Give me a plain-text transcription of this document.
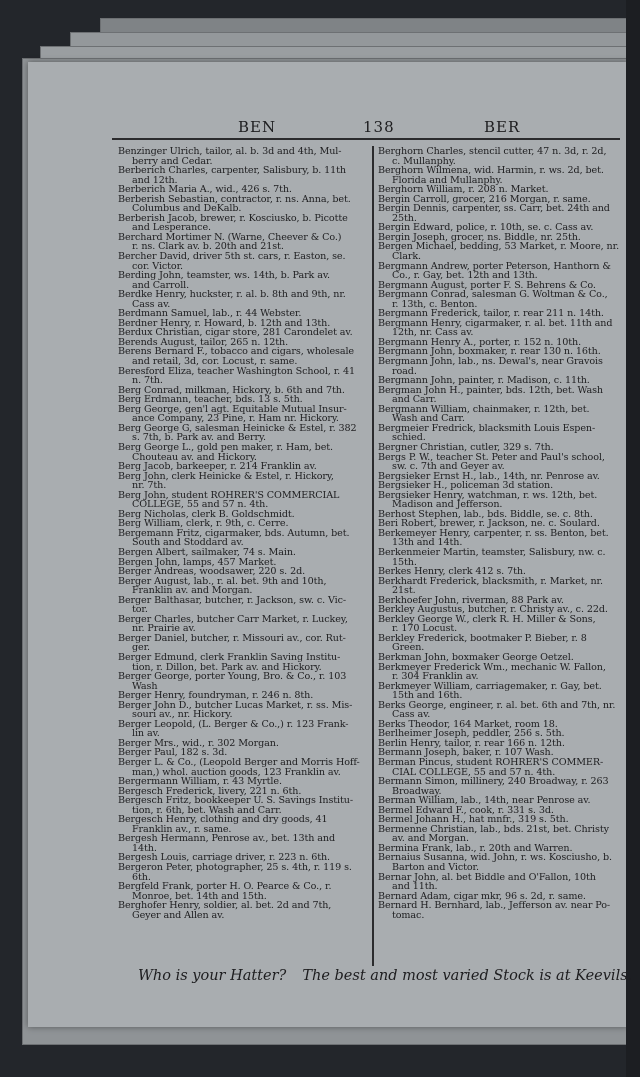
BEN	138	BER
Benzinger Ulrich, tailor, al. b. 3d and 4th, Mul-
berry and Cedar.
Berberich Charles, carpenter, Salisbury, b. 11th
and 12th.
Berberich Maria A., wid., 426 s. 7th.
Berberish Sebastian, contractor, r. ns. Anna, bet.
Columbus and DeKalb.
Berberish Jacob, brewer, r. Kosciusko, b. Picotte
and Lesperance.
Berchard Mortimer N. (Warne, Cheever & Co.)
r. ns. Clark av. b. 20th and 21st.
Bercher David, driver 5th st. cars, r. Easton, se.
cor. Victor.
Berding John, teamster, ws. 14th, b. Park av.
and Carroll.
Berdke Henry, huckster, r. al. b. 8th and 9th, nr.
Cass av.
Berdmann Samuel, lab., r. 44 Webster.
Berdner Henry, r. Howard, b. 12th and 13th.
Berdux Christian, cigar store, 281 Carondelet av.
Berends August, tailor, 265 n. 12th.
Berens Bernard F., tobacco and cigars, wholesale
and retail, 3d, cor. Locust, r. same.
Beresford Eliza, teacher Washington School, r. 41
n. 7th.
Berg Conrad, milkman, Hickory, b. 6th and 7th.
Berg Erdmann, teacher, bds. 13 s. 5th.
Berg George, gen'l agt. Equitable Mutual Insur-
ance Company, 23 Pine, r. Ham nr. Hickory.
Berg George G, salesman Heinicke & Estel, r. 382
s. 7th, b. Park av. and Berry.
Berg George L., gold pen maker, r. Ham, bet.
Chouteau av. and Hickory.
Berg Jacob, barkeeper, r. 214 Franklin av.
Berg John, clerk Heinicke & Estel, r. Hickory,
nr. 7th.
Berg John, student ROHRER'S COMMERCIAL
COLLEGE, 55 and 57 n. 4th.
Berg Nicholas, clerk B. Goldschmidt.
Berg William, clerk, r. 9th, c. Cerre.
Bergemann Fritz, cigarmaker, bds. Autumn, bet.
South and Stoddard av.
Bergen Albert, sailmaker, 74 s. Main.
Bergen John, lamps, 457 Market.
Berger Andreas, woodsawer, 220 s. 2d.
Berger August, lab., r. al. bet. 9th and 10th,
Franklin av. and Morgan.
Berger Balthasar, butcher, r. Jackson, sw. c. Vic-
tor.
Berger Charles, butcher Carr Market, r. Luckey,
nr. Prairie av.
Berger Daniel, butcher, r. Missouri av., cor. Rut-
ger.
Berger Edmund, clerk Franklin Saving Institu-
tion, r. Dillon, bet. Park av. and Hickory.
Berger George, porter Young, Bro. & Co., r. 103
Wash
Berger Henry, foundryman, r. 246 n. 8th.
Berger John D., butcher Lucas Market, r. ss. Mis-
souri av., nr. Hickory.
Berger Leopold, (L. Berger & Co.,) r. 123 Frank-
lin av.
Berger Mrs., wid., r. 302 Morgan.
Berger Paul, 182 s. 3d.
Berger L. & Co., (Leopold Berger and Morris Hoff-
man,) whol. auction goods, 123 Franklin av.
Bergermann William, r. 43 Myrtle.
Bergesch Frederick, livery, 221 n. 6th.
Bergesch Fritz, bookkeeper U. S. Savings Institu-
tion, r. 6th, bet. Wash and Carr.
Bergesch Henry, clothing and dry goods, 41
Franklin av., r. same.
Bergesh Hermann, Penrose av., bet. 13th and
14th.
Bergesh Louis, carriage driver, r. 223 n. 6th.
Bergeron Peter, photographer, 25 s. 4th, r. 119 s.
6th.
Bergfeld Frank, porter H. O. Pearce & Co., r.
Monroe, bet. 14th and 15th.
Berghofer Henry, soldier, al. bet. 2d and 7th,
Geyer and Allen av.
Berghorn Charles, stencil cutter, 47 n. 3d, r. 2d,
c. Mullanphy.
Berghorn Wilmena, wid. Harmin, r. ws. 2d, bet.
Florida and Mullanphy.
Berghorn William, r. 208 n. Market.
Bergin Carroll, grocer, 216 Morgan, r. same.
Bergin Dennis, carpenter, ss. Carr, bet. 24th and
25th.
Bergin Edward, police, r. 10th, se. c. Cass av.
Bergin Joseph, grocer, ns. Biddle, nr. 25th.
Bergen Michael, bedding, 53 Market, r. Moore, nr.
Clark.
Bergmann Andrew, porter Peterson, Hanthorn &
Co., r. Gay, bet. 12th and 13th.
Bergmann August, porter F. S. Behrens & Co.
Bergmann Conrad, salesman G. Woltman & Co.,
r. 13th, c. Benton.
Bergmann Frederick, tailor, r. rear 211 n. 14th.
Bergmann Henry, cigarmaker, r. al. bet. 11th and
12th, nr. Cass av.
Bergmann Henry A., porter, r. 152 n. 10th.
Bergmann John, boxmaker, r. rear 130 n. 16th.
Bergmann John, lab., ns. Dewal's, near Gravois
road.
Bergmann John, painter, r. Madison, c. 11th.
Bergman John H., painter, bds. 12th, bet. Wash
and Carr.
Bergmann William, chainmaker, r. 12th, bet.
Wash and Carr.
Bergmeier Fredrick, blacksmith Louis Espen-
schied.
Bergner Christian, cutler, 329 s. 7th.
Bergs P. W., teacher St. Peter and Paul's school,
sw. c. 7th and Geyer av.
Bergsieker Ernst H., lab., 14th, nr. Penrose av.
Bergsieker H., policeman 3d station.
Bergsieker Henry, watchman, r. ws. 12th, bet.
Madison and Jefferson.
Berhost Stephen, lab., bds. Biddle, se. c. 8th.
Beri Robert, brewer, r. Jackson, ne. c. Soulard.
Berkemeyer Henry, carpenter, r. ss. Benton, bet.
13th and 14th.
Berkenmeier Martin, teamster, Salisbury, nw. c.
15th.
Berkes Henry, clerk 412 s. 7th.
Berkhardt Frederick, blacksmith, r. Market, nr.
21st.
Berkhoefer John, riverman, 88 Park av.
Berkley Augustus, butcher, r. Christy av., c. 22d.
Berkley George W., clerk R. H. Miller & Sons,
r. 170 Locust.
Berkley Frederick, bootmaker P. Bieber, r. 8
Green.
Berkman John, boxmaker George Oetzel.
Berkmeyer Frederick Wm., mechanic W. Fallon,
r. 304 Franklin av.
Berkmeyer William, carriagemaker, r. Gay, bet.
15th and 16th.
Berks George, engineer, r. al. bet. 6th and 7th, nr.
Cass av.
Berks Theodor, 164 Market, room 18.
Berlheimer Joseph, peddler, 256 s. 5th.
Berlin Henry, tailor, r. rear 166 n. 12th.
Bermann Joseph, baker, r. 107 Wash.
Berman Pincus, student ROHRER'S COMMER-
CIAL COLLEGE, 55 and 57 n. 4th.
Bermann Simon, millinery, 240 Broadway, r. 263
Broadway.
Berman William, lab., 14th, near Penrose av.
Bermel Edward F., cook, r. 331 s. 3d.
Bermel Johann H., hat mnfr., 319 s. 5th.
Bermenne Christian, lab., bds. 21st, bet. Christy
av. and Morgan.
Bermina Frank, lab., r. 20th and Warren.
Bernaius Susanna, wid. John, r. ws. Kosciusho, b.
Barton and Victor.
Bernar John, al. bet Biddle and O'Fallon, 10th
and 11th.
Bernard Adam, cigar mkr, 96 s. 2d, r. same.
Bernard H. Bernhard, lab., Jefferson av. near Po-
tomac.
Who is your Hatter? The best and most varied Stock is at Keevils.
